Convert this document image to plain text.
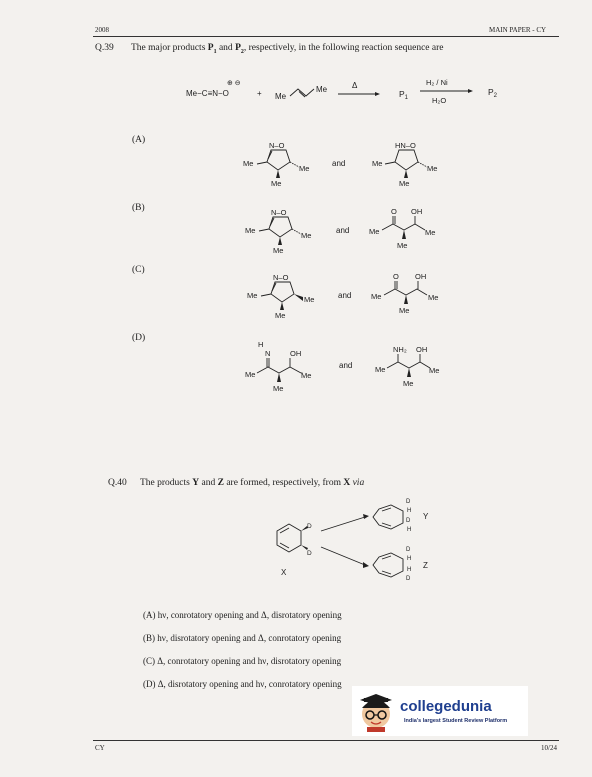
2008	MAIN PAPER - CY
Q.39 The major products $P_1$ and $P_2$, respectively, in the following reaction sequence are
⊕ ⊖
Me−C≡N−O	+ Me
Me	Δ
$P_1$
H₂ / Ni
H₂O
$P_2$
(A)
N–O
Me
Me
Me
and
HN–O
Me
Me
Me
(B)	N–O
Me
Me
Me
and
O OH
Me	Me
Me
(C)
N–O
Me	Me
Me
and
O OH
Me	Me
Me
(D)
H
N	OH
Me	Me
Me
and
NH₂ OH
Me	Me
Me
Q.40 The products Y and Z are formed, respectively, from X via
D
D
X
D
H
D
H
Y
D
H
H
D
Z
(A) hν, conrotatory opening and Δ, disrotatory opening
(B) hν, disrotatory opening and Δ, conrotatory opening
(C) Δ, conrotatory opening and hν, disrotatory opening
(D) Δ, disrotatory opening and hν, conrotatory opening
collegedunia
India's largest Student Review Platform
CY	10/24
